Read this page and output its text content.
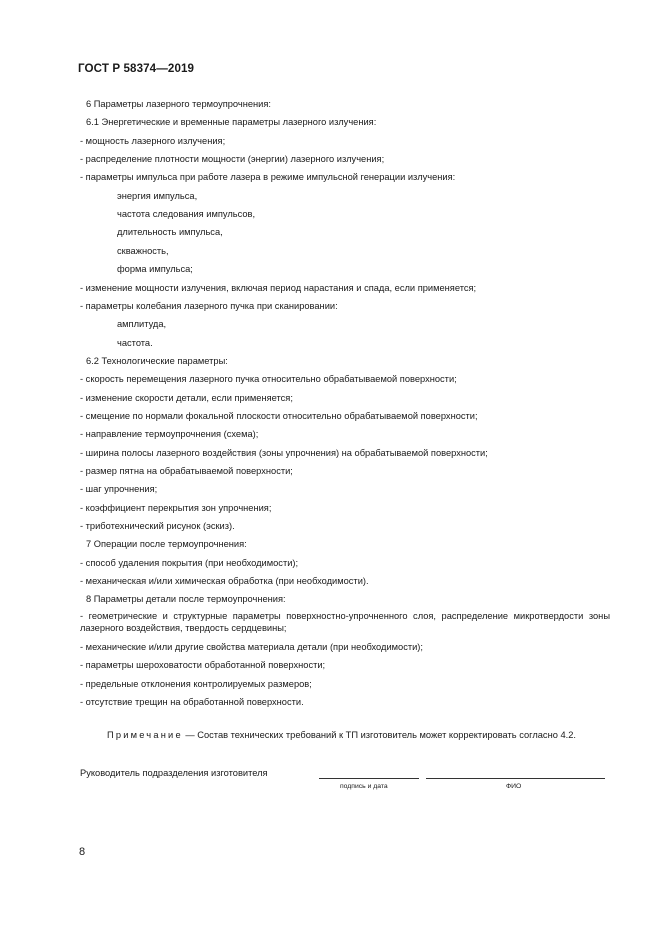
ГОСТ Р 58374—2019
6 Параметры лазерного термоупрочнения:
6.1 Энергетические и временные параметры лазерного излучения:
- мощность лазерного излучения;
- распределение плотности мощности (энергии) лазерного излучения;
- параметры импульса при работе лазера в режиме импульсной генерации излучения:
энергия импульса,
частота следования импульсов,
длительность импульса,
скважность,
форма импульса;
- изменение мощности излучения, включая период нарастания и спада, если применяется;
- параметры колебания лазерного пучка при сканировании:
амплитуда,
частота.
6.2 Технологические параметры:
- скорость перемещения лазерного пучка относительно обрабатываемой поверхности;
- изменение скорости детали, если применяется;
- смещение по нормали фокальной плоскости относительно обрабатываемой поверхности;
- направление термоупрочнения (схема);
- ширина полосы лазерного воздействия (зоны упрочнения) на обрабатываемой поверхности;
- размер пятна на обрабатываемой поверхности;
- шаг упрочнения;
- коэффициент перекрытия зон упрочнения;
- триботехнический рисунок (эскиз).
7 Операции после термоупрочнения:
- способ удаления покрытия (при необходимости);
- механическая и/или химическая обработка (при необходимости).
8 Параметры детали после термоупрочнения:
- геометрические и структурные параметры поверхностно-упрочненного слоя, распределение микротвердости зоны лазерного воздействия, твердость сердцевины;
- механические и/или другие свойства материала детали (при необходимости);
- параметры шероховатости обработанной поверхности;
- предельные отклонения контролируемых размеров;
- отсутствие трещин на обработанной поверхности.
Примечание — Состав технических требований к ТП изготовитель может корректировать согласно 4.2.
Руководитель подразделения изготовителя
подпись и дата	ФИО
8
